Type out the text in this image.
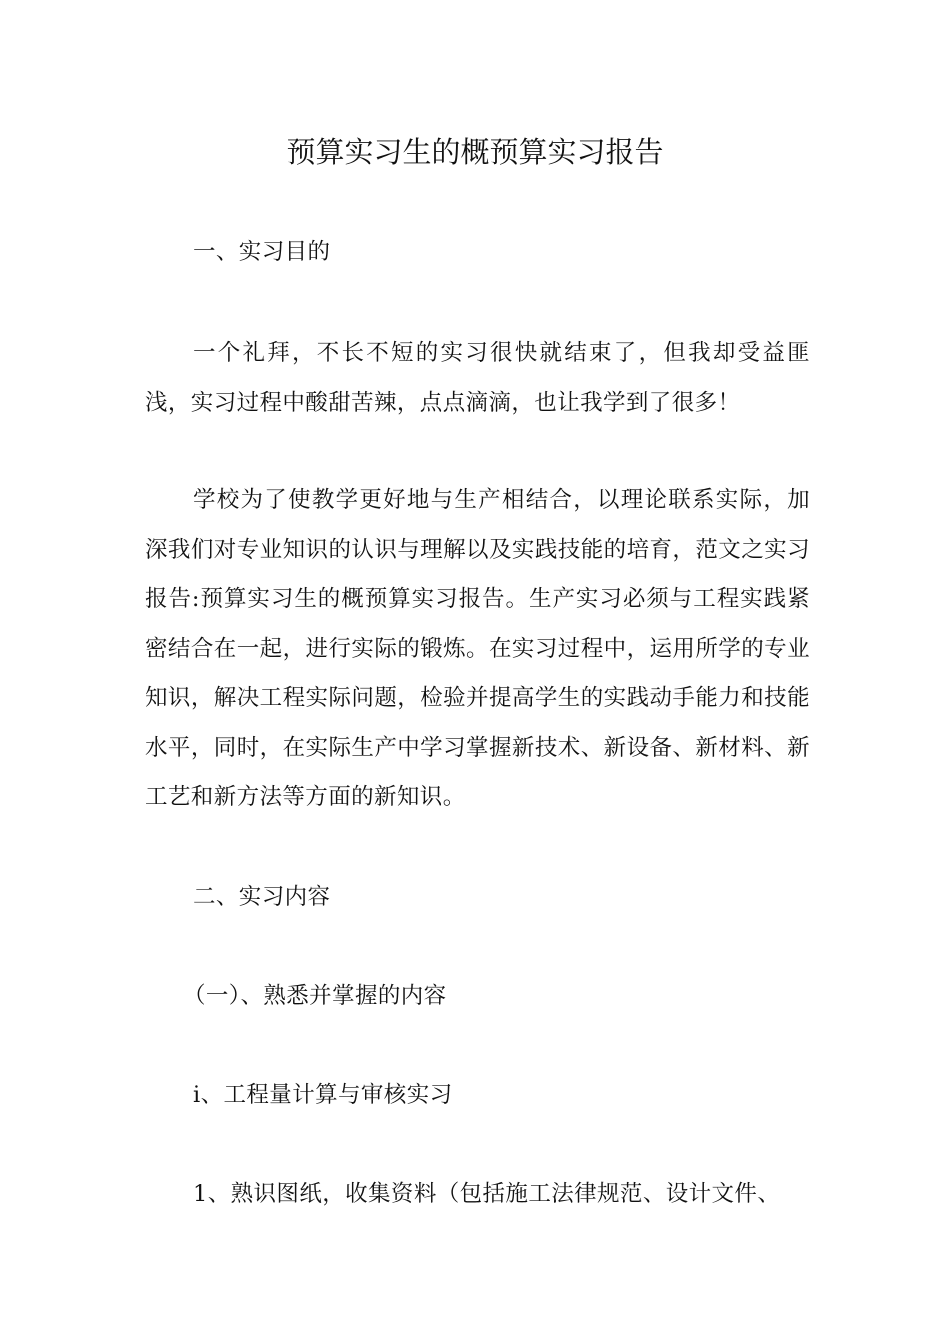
预算实习生的概预算实习报告

一、实习目的

一个礼拜，不长不短的实习很快就结束了，但我却受益匪浅，实习过程中酸甜苦辣，点点滴滴，也让我学到了很多！

学校为了使教学更好地与生产相结合，以理论联系实际，加深我们对专业知识的认识与理解以及实践技能的培育，范文之实习报告:预算实习生的概预算实习报告。生产实习必须与工程实践紧密结合在一起，进行实际的锻炼。在实习过程中，运用所学的专业知识，解决工程实际问题，检验并提高学生的实践动手能力和技能水平，同时，在实际生产中学习掌握新技术、新设备、新材料、新工艺和新方法等方面的新知识。

二、实习内容

（一）、熟悉并掌握的内容

i、工程量计算与审核实习

1、熟识图纸，收集资料（包括施工法律规范、设计文件、
